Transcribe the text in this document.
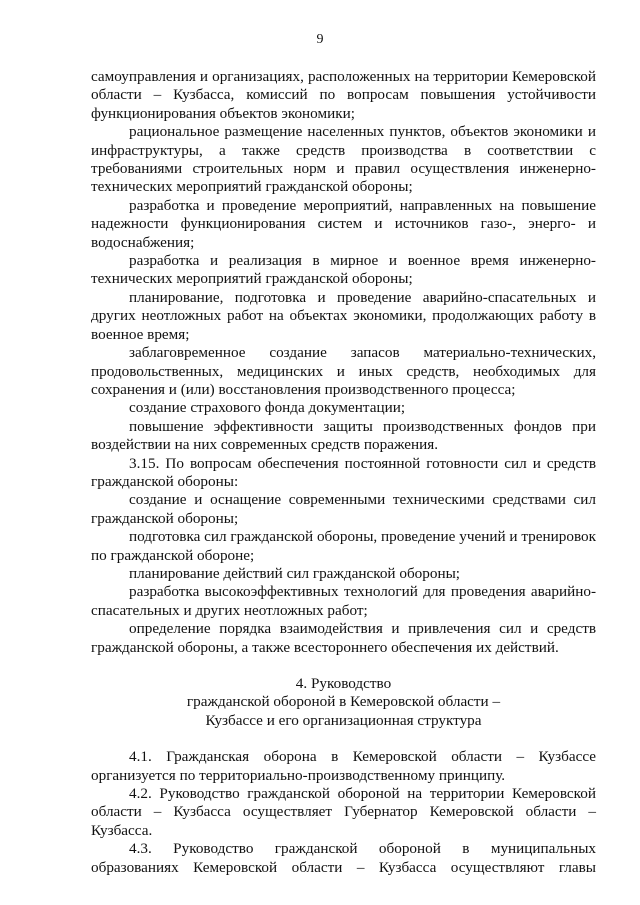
9

самоуправления и организациях, расположенных на территории Кемеровской области – Кузбасса, комиссий по вопросам повышения устойчивости функционирования объектов экономики;

рациональное размещение населенных пунктов, объектов экономики и инфраструктуры, а также средств производства в соответствии с требованиями строительных норм и правил осуществления инженерно-технических мероприятий гражданской обороны;

разработка и проведение мероприятий, направленных на повышение надежности функционирования систем и источников газо-, энерго- и водоснабжения;

разработка и реализация в мирное и военное время инженерно-технических мероприятий гражданской обороны;

планирование, подготовка и проведение аварийно-спасательных и других неотложных работ на объектах экономики, продолжающих работу в военное время;

заблаговременное создание запасов материально-технических, продовольственных, медицинских и иных средств, необходимых для сохранения и (или) восстановления производственного процесса;

создание страхового фонда документации;

повышение эффективности защиты производственных фондов при воздействии на них современных средств поражения.

3.15. По вопросам обеспечения постоянной готовности сил и средств гражданской обороны:

создание и оснащение современными техническими средствами сил гражданской обороны;

подготовка сил гражданской обороны, проведение учений и тренировок по гражданской обороне;

планирование действий сил гражданской обороны;

разработка высокоэффективных технологий для проведения аварийно-спасательных и других неотложных работ;

определение порядка взаимодействия и привлечения сил и средств гражданской обороны, а также всестороннего обеспечения их действий.

4. Руководство
гражданской обороной в Кемеровской области –
Кузбассе и его организационная структура

4.1. Гражданская оборона в Кемеровской области – Кузбассе организуется по территориально-производственному принципу.

4.2. Руководство гражданской обороной на территории Кемеровской области – Кузбасса осуществляет Губернатор Кемеровской области – Кузбасса.

4.3. Руководство гражданской обороной в муниципальных образованиях Кемеровской области – Кузбасса осуществляют главы
